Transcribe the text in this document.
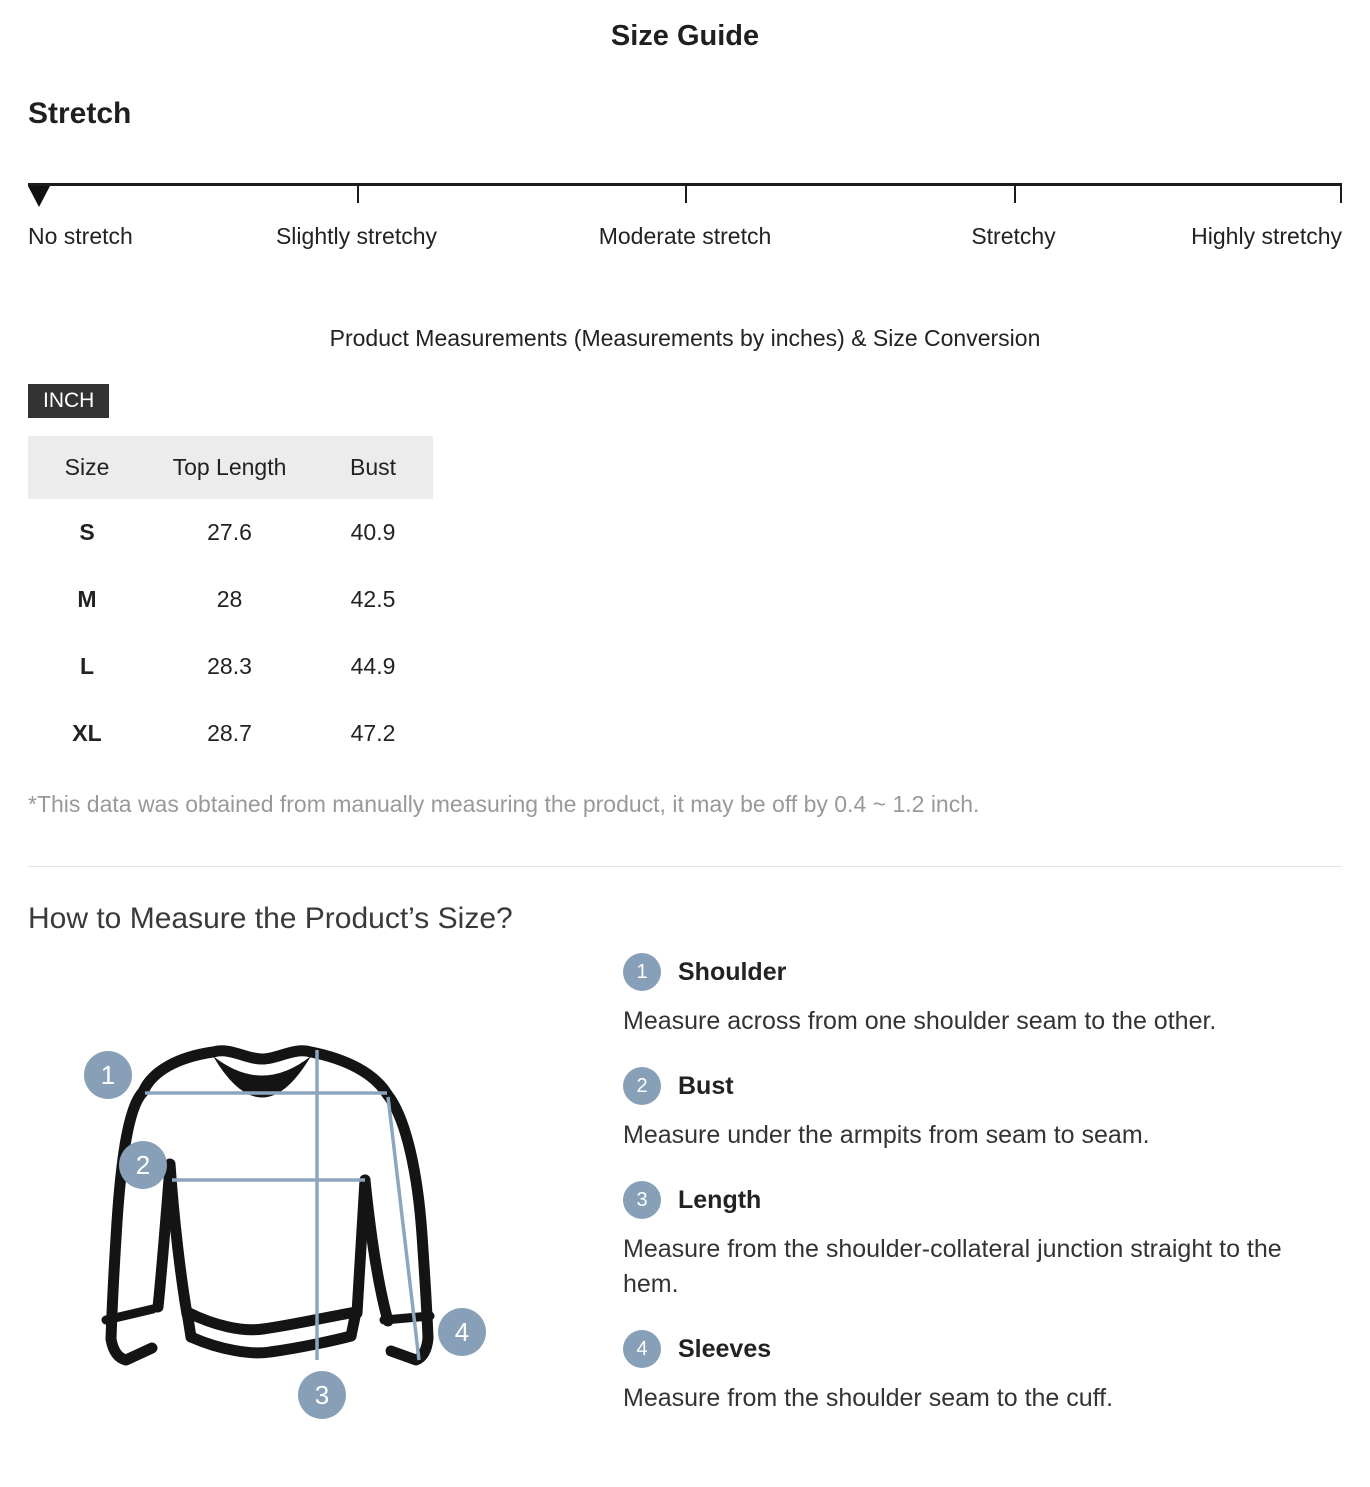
Size Guide
Stretch
No stretch	Slightly stretchy	Moderate stretch	Stretchy	Highly stretchy
Product Measurements (Measurements by inches) & Size Conversion
INCH
Size	Top Length	Bust
S	27.6	40.9
M	28	42.5
L	28.3	44.9
XL	28.7	47.2
*This data was obtained from manually measuring the product, it may be off by 0.4 ~ 1.2 inch.
How to Measure the Product’s Size?
1
2
3
4
1	Shoulder
Measure across from one shoulder seam to the other.
2	Bust
Measure under the armpits from seam to seam.
3	Length
Measure from the shoulder-collateral junction straight to the hem.
4	Sleeves
Measure from the shoulder seam to the cuff.
